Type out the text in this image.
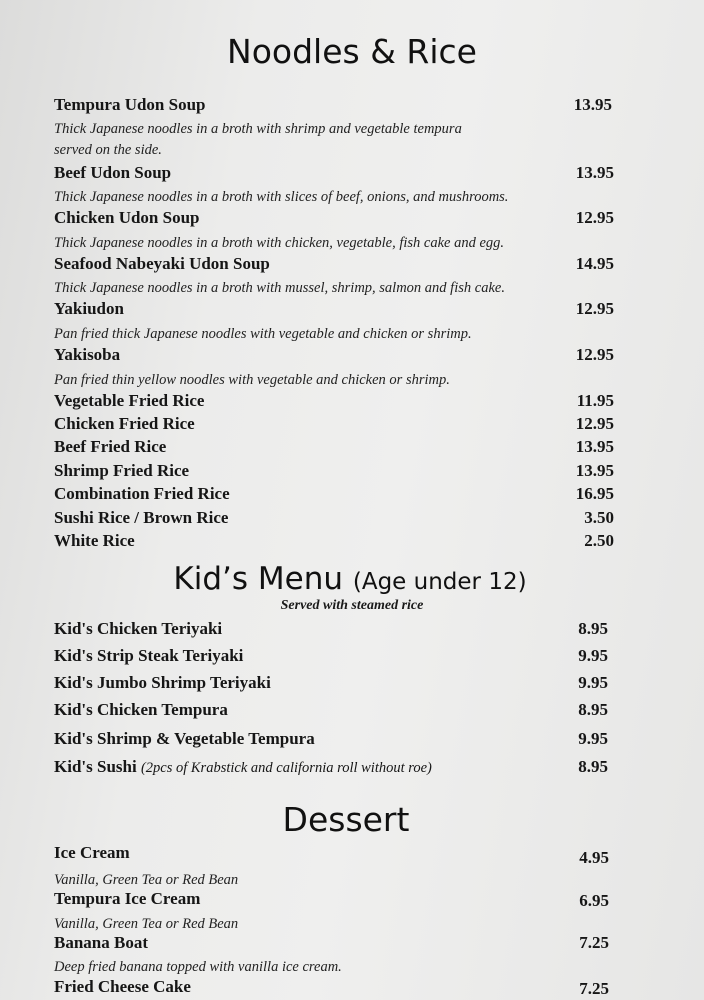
Noodles & Rice
Tempura Udon Soup	13.95
Thick Japanese noodles in a broth with shrimp and vegetable tempura
served on the side.
Beef Udon Soup	13.95
Thick Japanese noodles in a broth with slices of beef, onions, and mushrooms.
Chicken Udon Soup	12.95
Thick Japanese noodles in a broth with chicken, vegetable, fish cake and egg.
Seafood Nabeyaki Udon Soup	14.95
Thick Japanese noodles in a broth with mussel, shrimp, salmon and fish cake.
Yakiudon	12.95
Pan fried thick Japanese noodles with vegetable and chicken or shrimp.
Yakisoba	12.95
Pan fried thin yellow noodles with vegetable and chicken or shrimp.
Vegetable Fried Rice	11.95
Chicken Fried Rice	12.95
Beef Fried Rice	13.95
Shrimp Fried Rice	13.95
Combination Fried Rice	16.95
Sushi Rice / Brown Rice	3.50
White Rice	2.50
Kid’s Menu (Age under 12)
Served with steamed rice
Kid's Chicken Teriyaki	8.95
Kid's Strip Steak Teriyaki	9.95
Kid's Jumbo Shrimp Teriyaki	9.95
Kid's Chicken Tempura	8.95
Kid's Shrimp & Vegetable Tempura	9.95
Kid's Sushi (2pcs of Krabstick and california roll without roe)	8.95
Dessert
Ice Cream	4.95
Vanilla, Green Tea or Red Bean
Tempura Ice Cream	6.95
Vanilla, Green Tea or Red Bean
Banana Boat	7.25
Deep fried banana topped with vanilla ice cream.
Fried Cheese Cake	7.25
